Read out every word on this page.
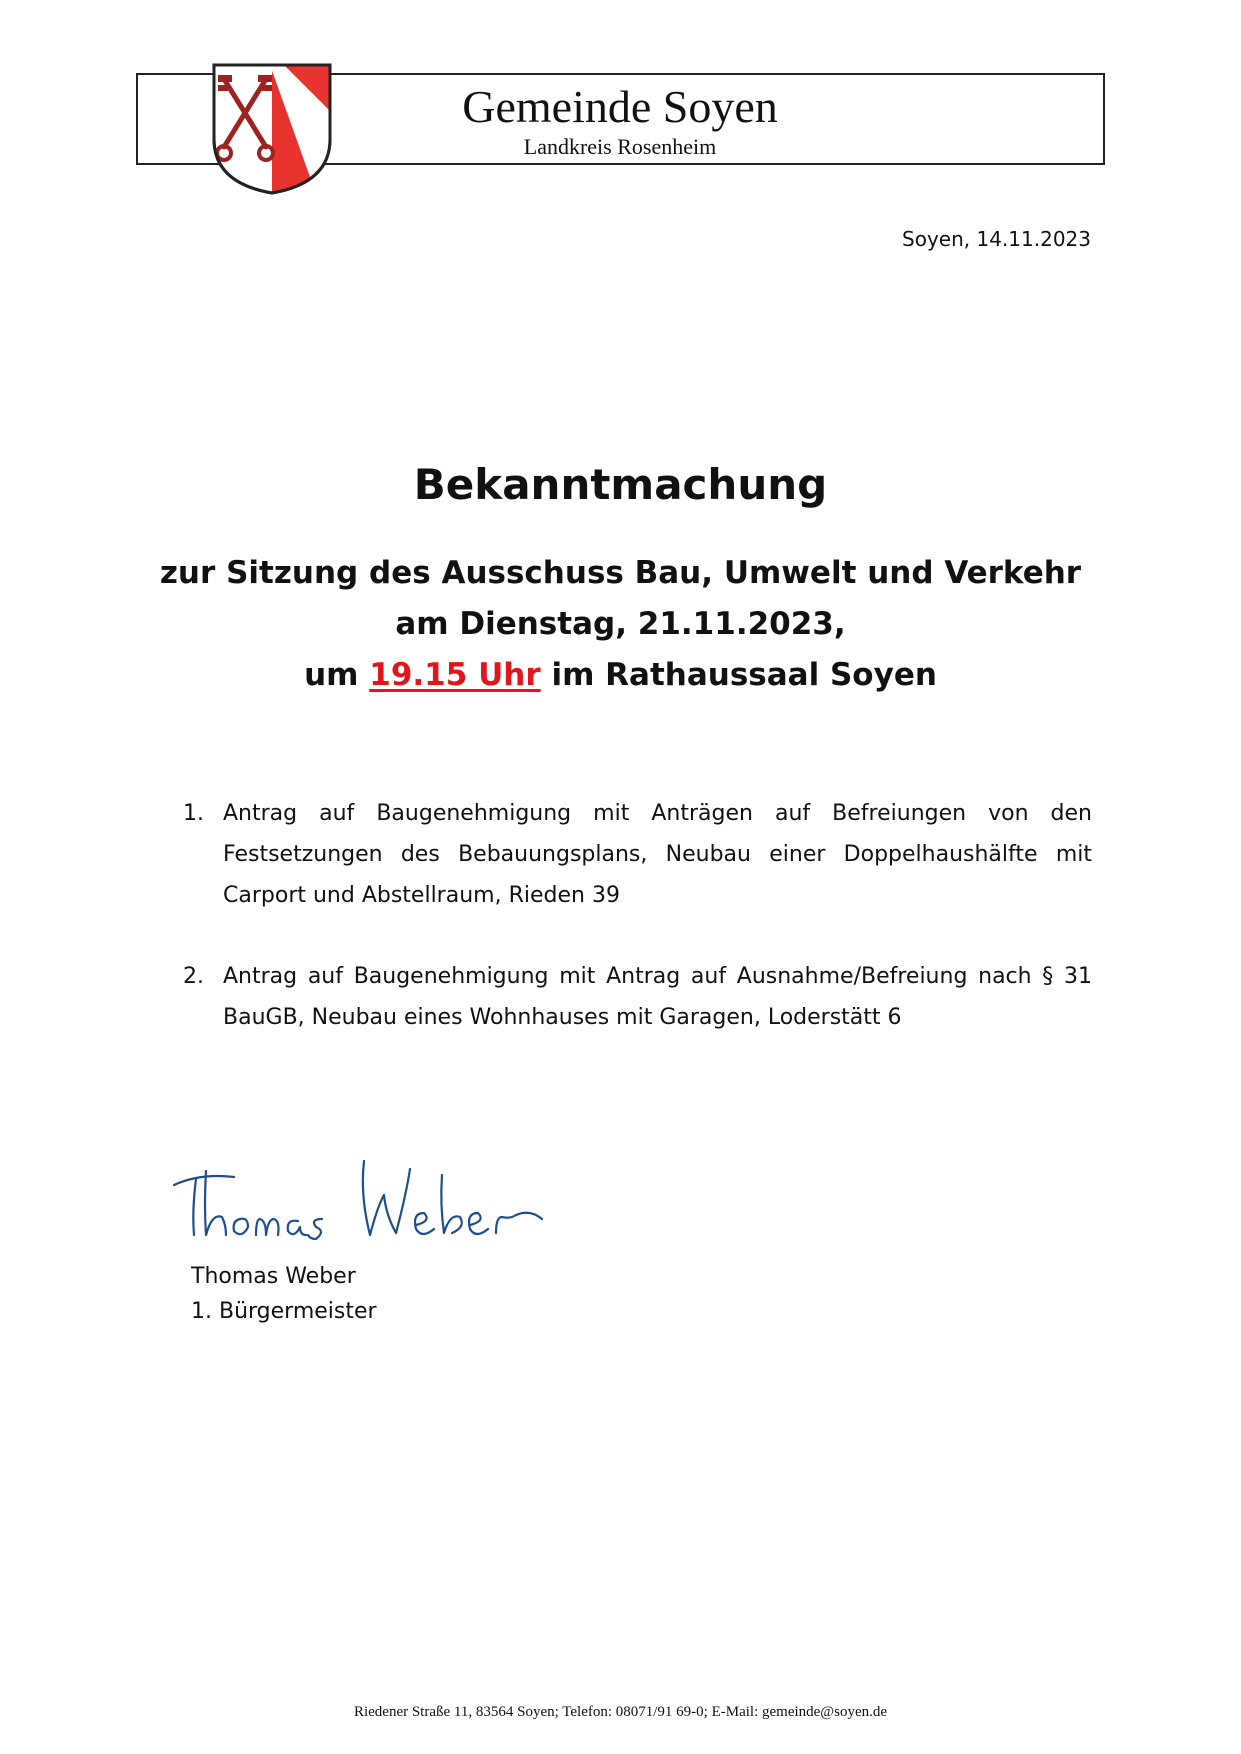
Gemeinde Soyen
Landkreis Rosenheim
Soyen, 14.11.2023
Bekanntmachung
zur Sitzung des Ausschuss Bau, Umwelt und Verkehr
am Dienstag, 21.11.2023,
um 19.15 Uhr im Rathaussaal Soyen
1. Antrag auf Baugenehmigung mit Anträgen auf Befreiungen von den Festsetzungen des Bebauungsplans, Neubau einer Doppelhaushälfte mit Carport und Abstellraum, Rieden 39
2. Antrag auf Baugenehmigung mit Antrag auf Ausnahme/Befreiung nach § 31 BauGB, Neubau eines Wohnhauses mit Garagen, Loderstätt 6
Thomas Weber
1. Bürgermeister
Riedener Straße 11, 83564 Soyen; Telefon: 08071/91 69-0; E-Mail: gemeinde@soyen.de
